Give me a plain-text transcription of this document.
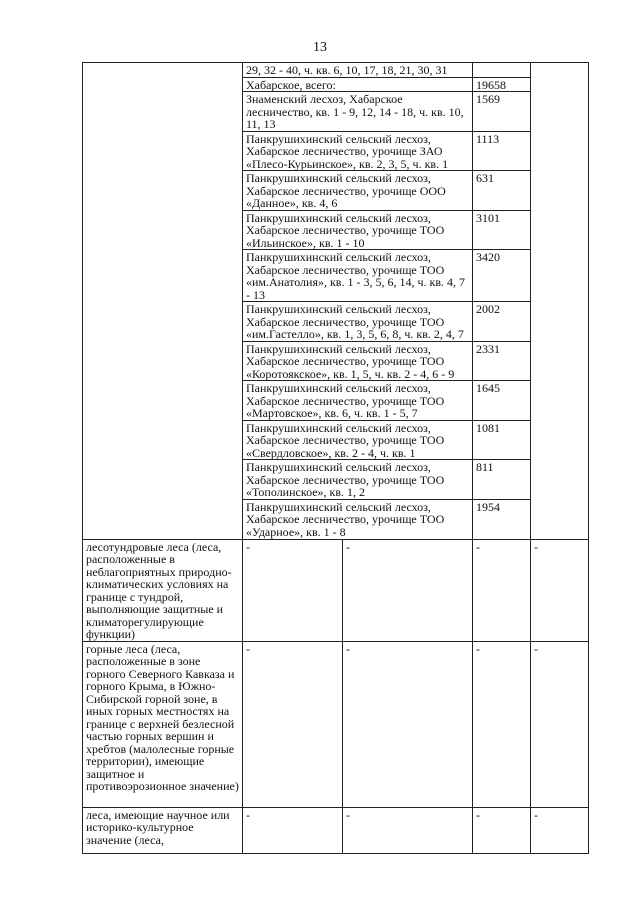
13
	29, 32 - 40, ч. кв. 6, 10, 17, 18, 21, 30, 31			
	Хабарское, всего:		19658	
	Знаменский лесхоз, Хабарское лесничество, кв. 1 - 9, 12, 14 - 18, ч. кв. 10, 11, 13		1569	
	Панкрушихинский сельский лесхоз, Хабарское лесничество, урочище ЗАО «Плесо-Курьинское», кв. 2, 3, 5, ч. кв. 1		1113	
	Панкрушихинский сельский лесхоз, Хабарское лесничество, урочище ООО «Данное», кв. 4, 6		631	
	Панкрушихинский сельский лесхоз, Хабарское лесничество, урочище ТОО «Ильинское», кв. 1 - 10		3101	
	Панкрушихинский сельский лесхоз, Хабарское лесничество, урочище ТОО «им.Анатолия», кв. 1 - 3, 5, 6, 14, ч. кв. 4, 7 - 13		3420	
	Панкрушихинский сельский лесхоз, Хабарское лесничество, урочище ТОО «им.Гастелло», кв. 1, 3, 5, 6, 8, ч. кв. 2, 4, 7		2002	
	Панкрушихинский сельский лесхоз, Хабарское лесничество, урочище ТОО «Коротоякское», кв. 1, 5, ч. кв. 2 - 4, 6 - 9		2331	
	Панкрушихинский сельский лесхоз, Хабарское лесничество, урочище ТОО «Мартовское», кв. 6, ч. кв. 1 - 5, 7		1645	
	Панкрушихинский сельский лесхоз, Хабарское лесничество, урочище ТОО «Свердловское», кв. 2 - 4, ч. кв. 1		1081	
	Панкрушихинский сельский лесхоз, Хабарское лесничество, урочище ТОО «Тополинское», кв. 1, 2		811	
	Панкрушихинский сельский лесхоз, Хабарское лесничество, урочище ТОО «Ударное», кв. 1 - 8		1954	
лесотундровые леса (леса, расположенные в неблагоприятных природно-климатических условиях на границе с тундрой, выполняющие защитные и климаторегулирующие функции)	-	-	-	-
горные леса (леса, расположенные в зоне горного Северного Кавказа и горного Крыма, в Южно-Сибирской горной зоне, в иных горных местностях на границе с верхней безлесной частью горных вершин и хребтов (малолесные горные территории), имеющие защитное и противоэрозионное значение)	-	-	-	-
леса, имеющие научное или историко-культурное значение (леса,	-	-	-	-
